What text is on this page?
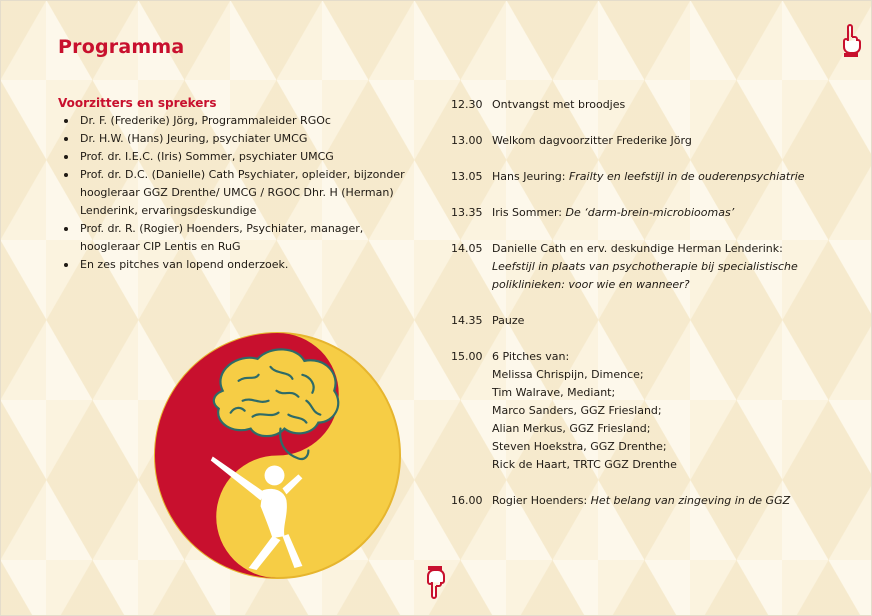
Programma
Voorzitters en sprekers
Dr. F. (Frederike) Jörg, Programmaleider RGOc
Dr. H.W. (Hans) Jeuring, psychiater UMCG
Prof. dr. I.E.C. (Iris) Sommer, psychiater UMCG
Prof. dr. D.C. (Danielle) Cath Psychiater, opleider, bijzonder hoogleraar GGZ Drenthe/ UMCG / RGOC Dhr. H (Herman) Lenderink, ervaringsdeskundige
Prof. dr. R. (Rogier) Hoenders, Psychiater, manager, hoogleraar CIP Lentis en RuG
En zes pitches van lopend onderzoek.
12.30 Ontvangst met broodjes
13.00 Welkom dagvoorzitter Frederike Jörg
13.05 Hans Jeuring: Frailty en leefstijl in de ouderenpsychiatrie
13.35 Iris Sommer: De ‘darm-brein-microbioomas’
14.05 Danielle Cath en erv. deskundige Herman Lenderink:
Leefstijl in plaats van psychotherapie bij specialistische
poliklinieken: voor wie en wanneer?
14.35 Pauze
15.00 6 Pitches van:
Melissa Chrispijn, Dimence;
Tim Walrave, Mediant;
Marco Sanders, GGZ Friesland;
Alian Merkus, GGZ Friesland;
Steven Hoekstra, GGZ Drenthe;
Rick de Haart, TRTC GGZ Drenthe
16.00 Rogier Hoenders: Het belang van zingeving in de GGZ
